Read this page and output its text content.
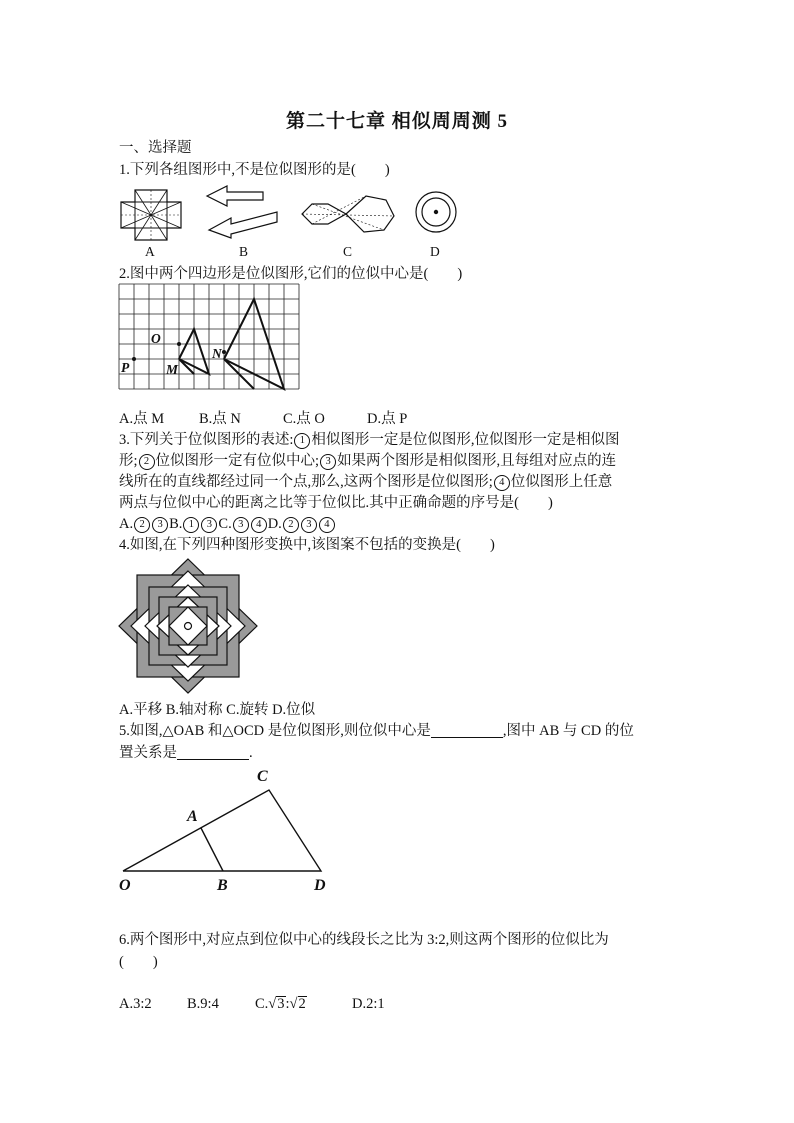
第二十七章 相似周周测 5
一、选择题
1.下列各组图形中,不是位似图形的是(　　)
A	B	C	D
2.图中两个四边形是位似图形,它们的位似中心是(　　)
O
P	M
N
A.点 M B.点 N	C.点 O	D.点 P
3.下列关于位似图形的表述: 1 相似图形一定是位似图形,位似图形一定是相似图
形; 2 位似图形一定有位似中心; 3 如果两个图形是相似图形,且每组对应点的连
线所在的直线都经过同一个点,那么,这两个图形是位似图形; 4 位似图形上任意
两点与位似中心的距离之比等于位似比.其中正确命题的序号是(　　)
A. 2 3 B. 1 3 C. 3 4 D. 2 3 4
4.如图,在下列四种图形变换中,该图案不包括的变换是(　　)
A.平移 B.轴对称 C.旋转 D.位似
5.如图,△OAB 和△OCD 是位似图形,则位似中心是	,图中 AB 与 CD 的位
置关系是	.
C
A
O	B	D
6.两个图形中,对应点到位似中心的线段长之比为 3:2,则这两个图形的位似比为
(　　)
A.3:2 B.9:4 C.√3:√2	D.2:1
